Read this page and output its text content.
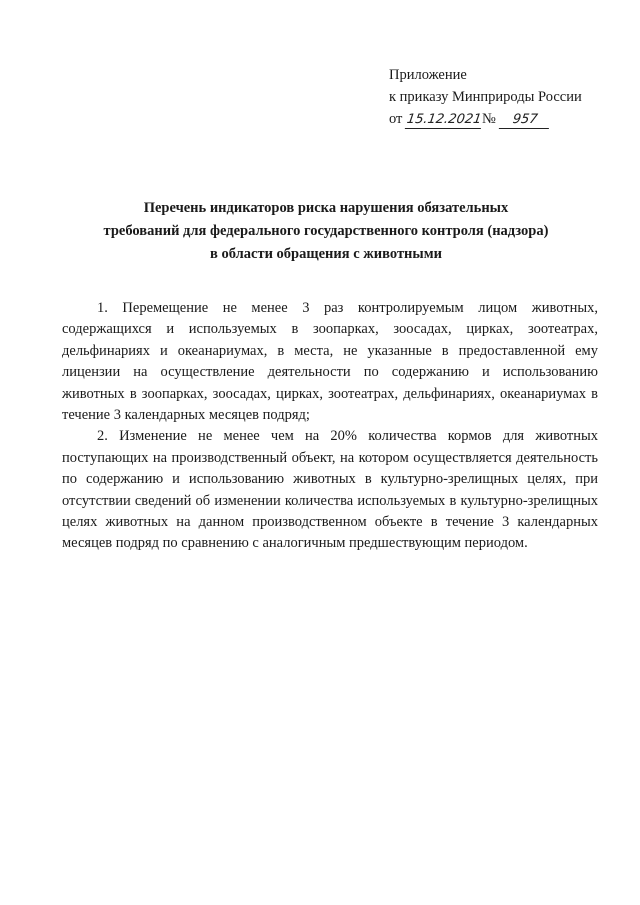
Приложение
к приказу Минприроды России
от 15.12.2021№ 957
Перечень индикаторов риска нарушения обязательных
требований для федерального государственного контроля (надзора)
в области обращения с животными

1. Перемещение не менее 3 раз контролируемым лицом животных, содержащихся и используемых в зоопарках, зоосадах, цирках, зоотеатрах, дельфинариях и океанариумах, в места, не указанные в предоставленной ему лицензии на осуществление деятельности по содержанию и использованию животных в зоопарках, зоосадах, цирках, зоотеатрах, дельфинариях, океанариумах в течение 3 календарных месяцев подряд;

2. Изменение не менее чем на 20% количества кормов для животных поступающих на производственный объект, на котором осуществляется деятельность по содержанию и использованию животных в культурно-зрелищных целях, при отсутствии сведений об изменении количества используемых в культурно-зрелищных целях животных на данном производственном объекте в течение 3 календарных месяцев подряд по сравнению с аналогичным предшествующим периодом.
